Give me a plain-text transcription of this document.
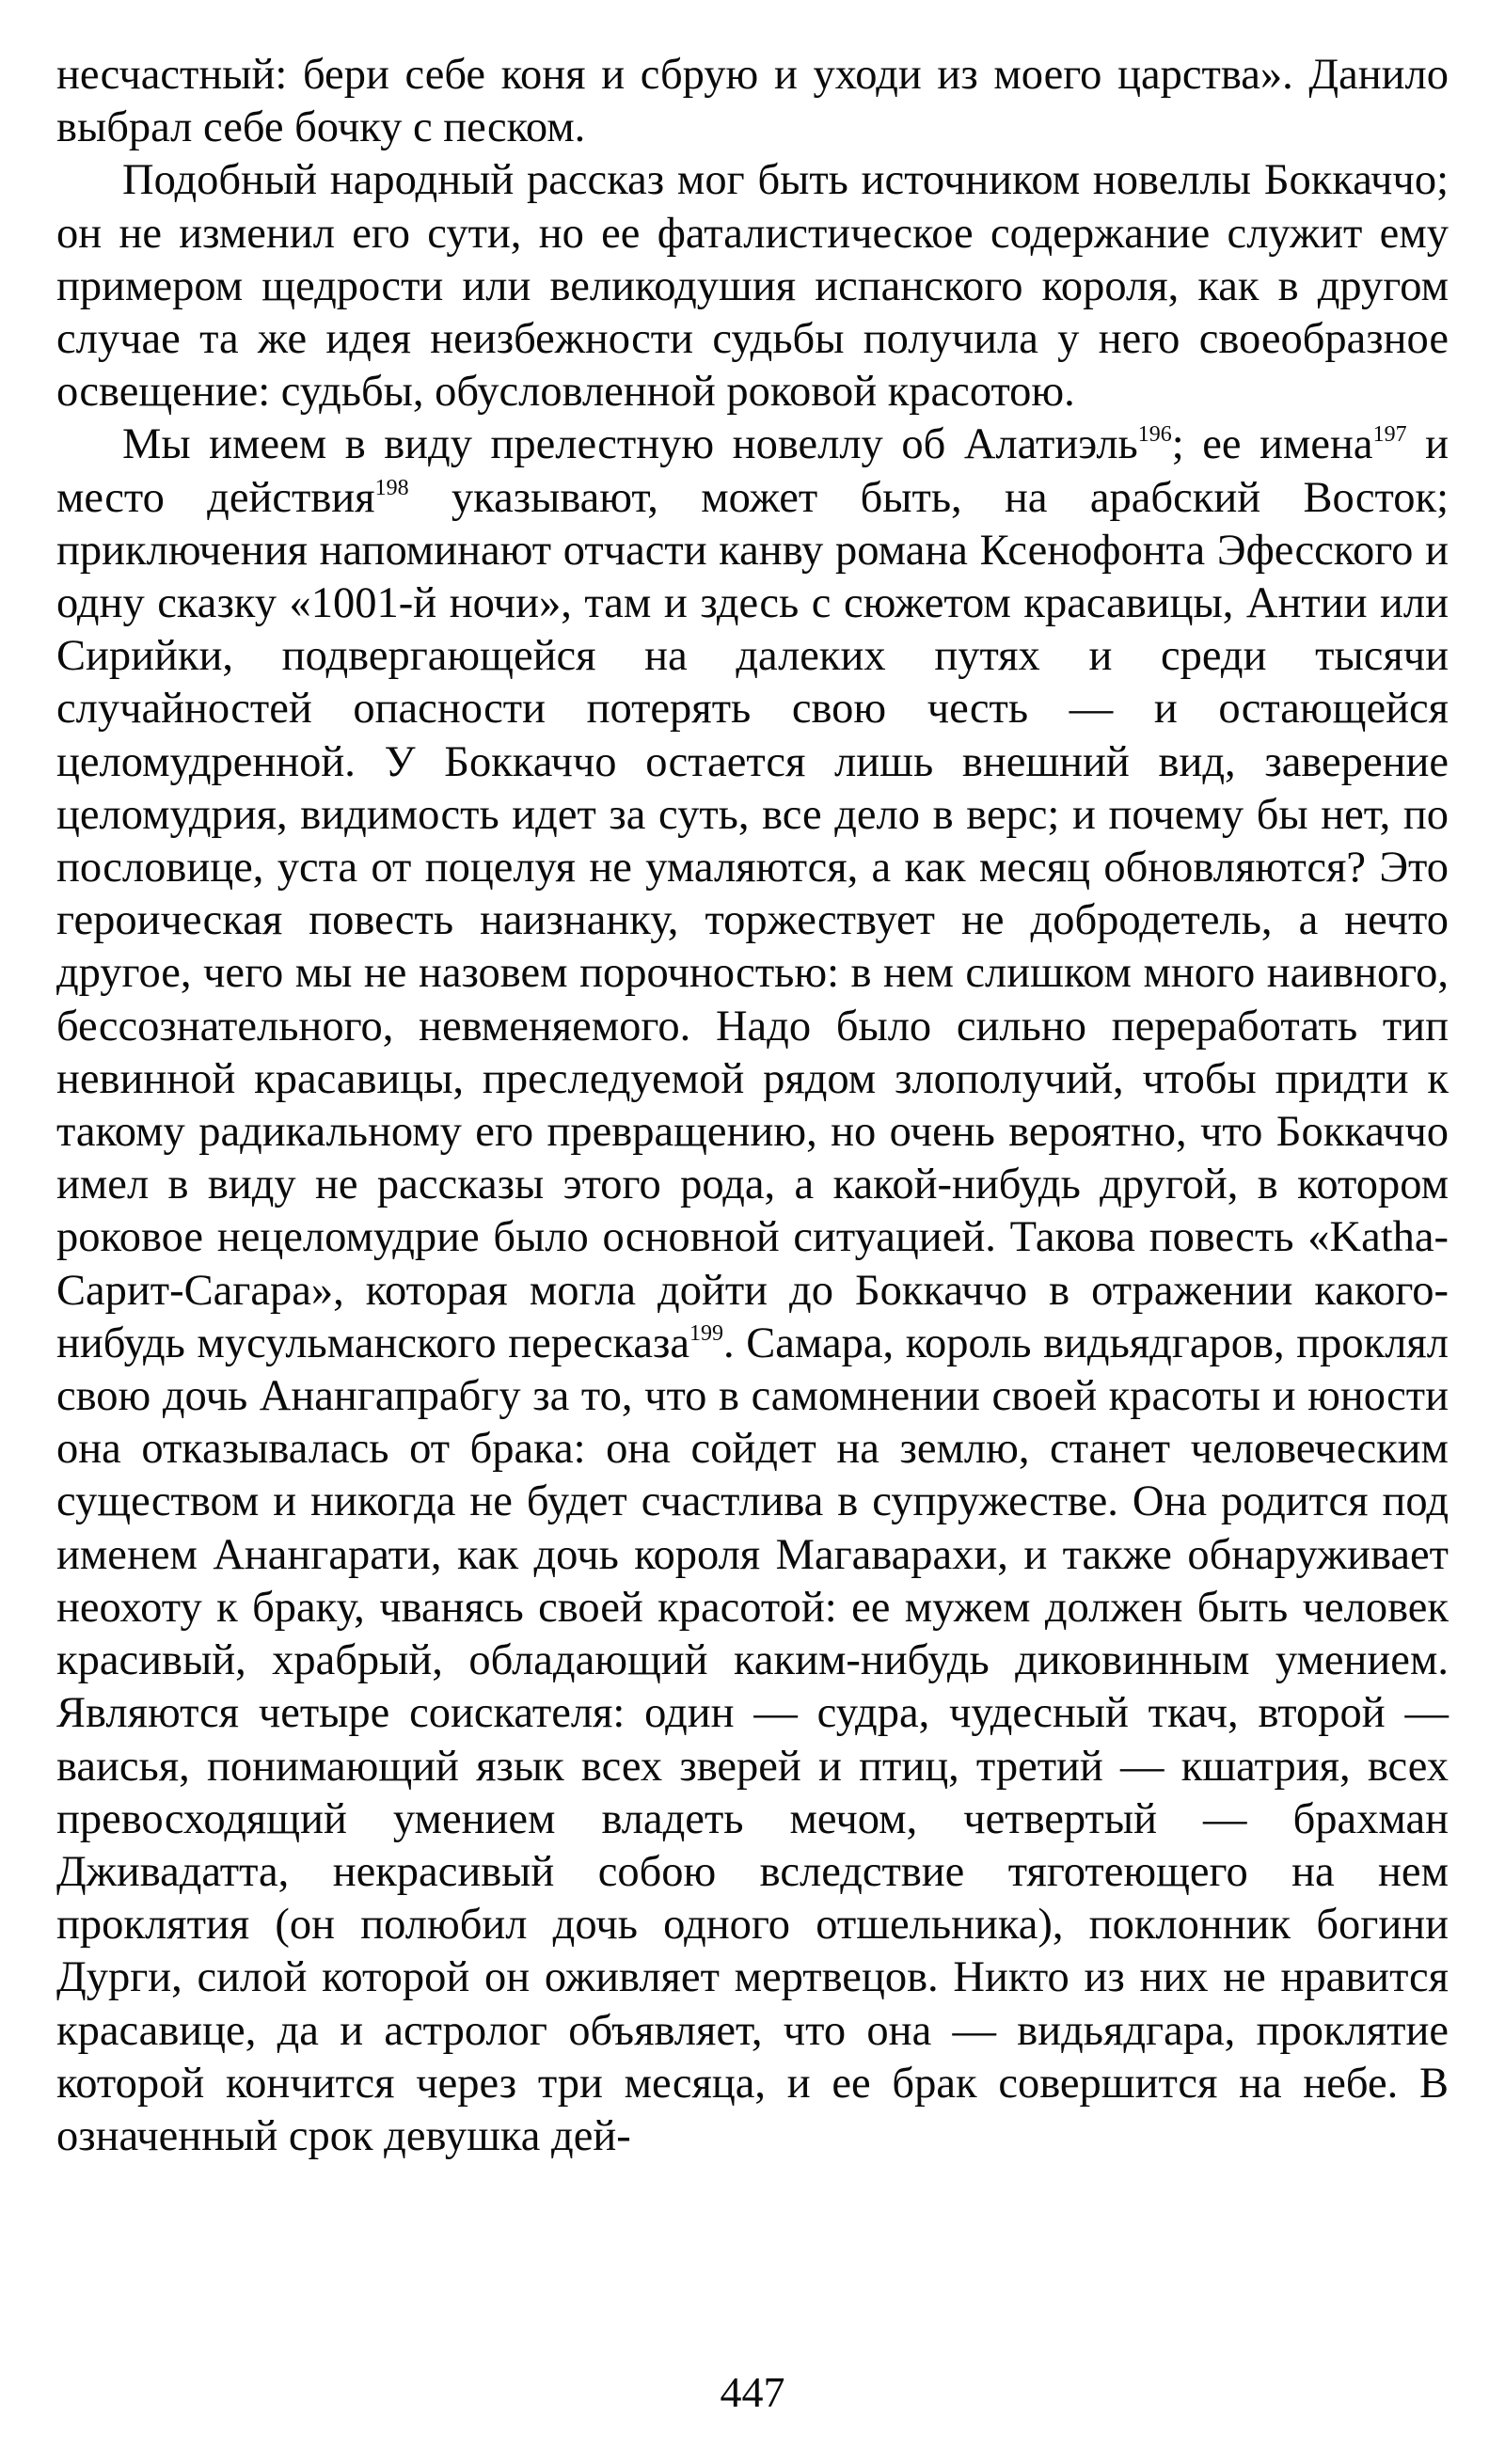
несчастный: бери себе коня и сбрую и уходи из моего царства». Данило выбрал себе бочку с песком.

Подобный народный рассказ мог быть источником новеллы Боккаччо; он не изменил его сути, но ее фаталистическое содержание служит ему примером щедрости или великодушия испанского короля, как в другом случае та же идея неизбежности судьбы получила у него своеобразное освещение: судьбы, обусловленной роковой красотою.

Мы имеем в виду прелестную новеллу об Алатиэль$^{196}$; ее имена$^{197}$ и место действия$^{198}$ указывают, может быть, на арабский Восток; приключения напоминают отчасти канву романа Ксенофонта Эфесского и одну сказку «1001-й ночи», там и здесь с сюжетом красавицы, Антии или Сирийки, подвергающейся на далеких путях и среди тысячи случайностей опасности потерять свою честь — и остающейся целомудренной. У Боккаччо остается лишь внешний вид, заверение целомудрия, видимость идет за суть, все дело в верс; и почему бы нет, по пословице, уста от поцелуя не умаляются, а как месяц обновляются? Это героическая повесть наизнанку, торжествует не добродетель, а нечто другое, чего мы не назовем порочностью: в нем слишком много наивного, бессознательного, невменяемого. Надо было сильно переработать тип невинной красавицы, преследуемой рядом злополучий, чтобы придти к такому радикальному его превращению, но очень вероятно, что Боккаччо имел в виду не рассказы этого рода, а какой-нибудь другой, в котором роковое нецеломудрие было основной ситуацией. Такова повесть «Katha-Сарит-Сагара», которая могла дойти до Боккаччо в отражении какого-нибудь мусульманского пересказа$^{199}$. Самара, король видьядгаров, проклял свою дочь Анангапрабгу за то, что в самомнении своей красоты и юности она отказывалась от брака: она сойдет на землю, станет человеческим существом и никогда не будет счастлива в супружестве. Она родится под именем Анангарати, как дочь короля Магаварахи, и также обнаруживает неохоту к браку, чванясь своей красотой: ее мужем должен быть человек красивый, храбрый, обладающий каким-нибудь диковинным умением. Являются четыре соискателя: один — судра, чудесный ткач, второй — ваисья, понимающий язык всех зверей и птиц, третий — кшатрия, всех превосходящий умением владеть мечом, четвертый — брахман Дживадатта, некрасивый собою вследствие тяготеющего на нем проклятия (он полюбил дочь одного отшельника), поклонник богини Дурги, силой которой он оживляет мертвецов. Никто из них не нравится красавице, да и астролог объявляет, что она — видьядгара, проклятие которой кончится через три месяца, и ее брак совершится на небе. В означенный срок девушка дей-

447
